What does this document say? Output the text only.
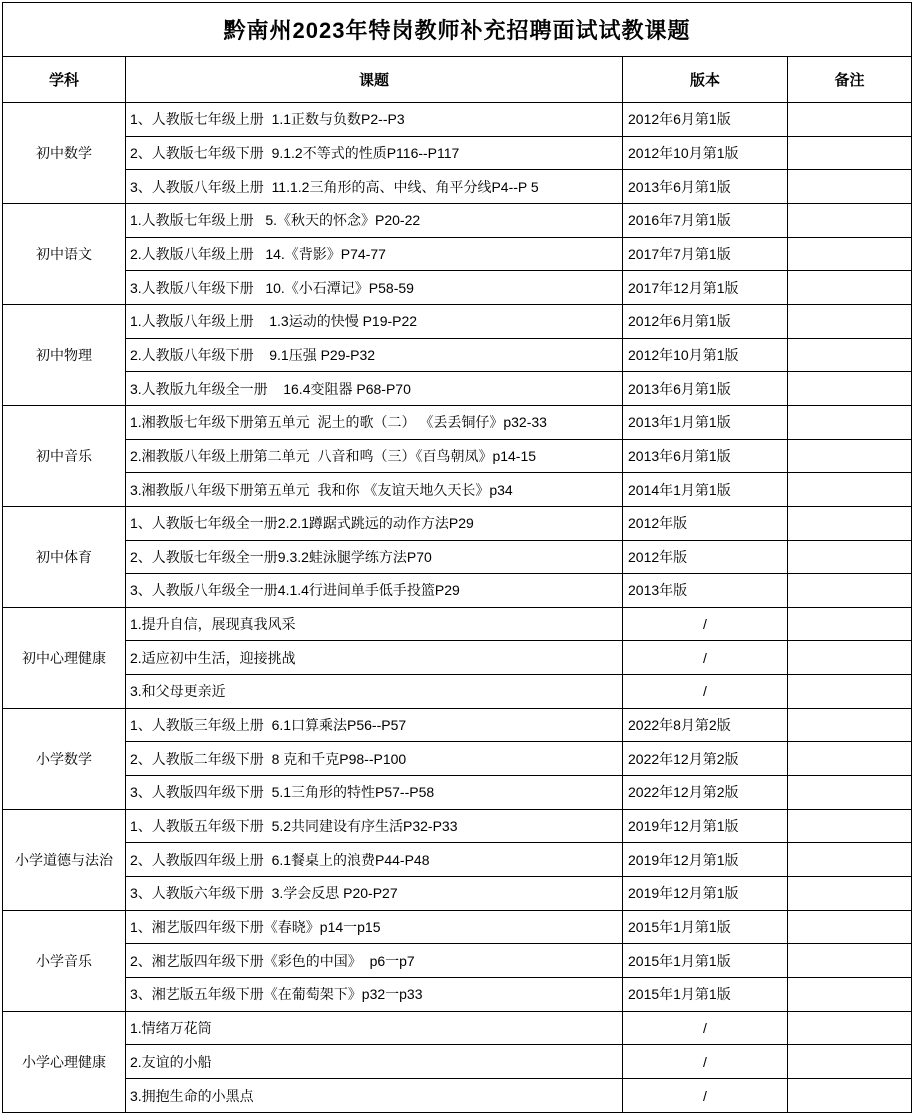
黔南州2023年特岗教师补充招聘面试试教课题			
学科	课题	版本	备注
初中数学	1、人教版七年级上册  1.1正数与负数P2--P3	2012年6月第1版	
	2、人教版七年级下册  9.1.2不等式的性质P116--P117	2012年10月第1版	
	3、人教版八年级上册  11.1.2三角形的高、中线、角平分线P4--P 5	2013年6月第1版	
初中语文	1.人教版七年级上册   5.《秋天的怀念》P20-22	2016年7月第1版	
	2.人教版八年级上册   14.《背影》P74-77	2017年7月第1版	
	3.人教版八年级下册   10.《小石潭记》P58-59	2017年12月第1版	
初中物理	1.人教版八年级上册    1.3运动的快慢 P19-P22	2012年6月第1版	
	2.人教版八年级下册    9.1压强 P29-P32	2012年10月第1版	
	3.人教版九年级全一册    16.4变阻器 P68-P70	2013年6月第1版	
初中音乐	1.湘教版七年级下册第五单元  泥土的歌（二） 《丢丢铜仔》p32-33	2013年1月第1版	
	2.湘教版八年级上册第二单元  八音和鸣（三）《百鸟朝凤》p14-15	2013年6月第1版	
	3.湘教版八年级下册第五单元  我和你 《友谊天地久天长》p34	2014年1月第1版	
初中体育	1、人教版七年级全一册2.2.1蹲踞式跳远的动作方法P29	2012年版	
	2、人教版七年级全一册9.3.2蛙泳腿学练方法P70	2012年版	
	3、人教版八年级全一册4.1.4行进间单手低手投篮P29	2013年版	
初中心理健康	1.提升自信，展现真我风采	/	
	2.适应初中生活，迎接挑战	/	
	3.和父母更亲近	/	
小学数学	1、人教版三年级上册  6.1口算乘法P56--P57	2022年8月第2版	
	2、人教版二年级下册  8 克和千克P98--P100	2022年12月第2版	
	3、人教版四年级下册  5.1三角形的特性P57--P58	2022年12月第2版	
小学道德与法治	1、人教版五年级下册  5.2共同建设有序生活P32-P33	2019年12月第1版	
	2、人教版四年级上册  6.1餐桌上的浪费P44-P48	2019年12月第1版	
	3、人教版六年级下册  3.学会反思 P20-P27	2019年12月第1版	
小学音乐	1、湘艺版四年级下册《春晓》p14一p15	2015年1月第1版	
	2、湘艺版四年级下册《彩色的中国》  p6一p7	2015年1月第1版	
	3、湘艺版五年级下册《在葡萄架下》p32一p33	2015年1月第1版	
小学心理健康	1.情绪万花筒	/	
	2.友谊的小船	/	
	3.拥抱生命的小黑点	/	
